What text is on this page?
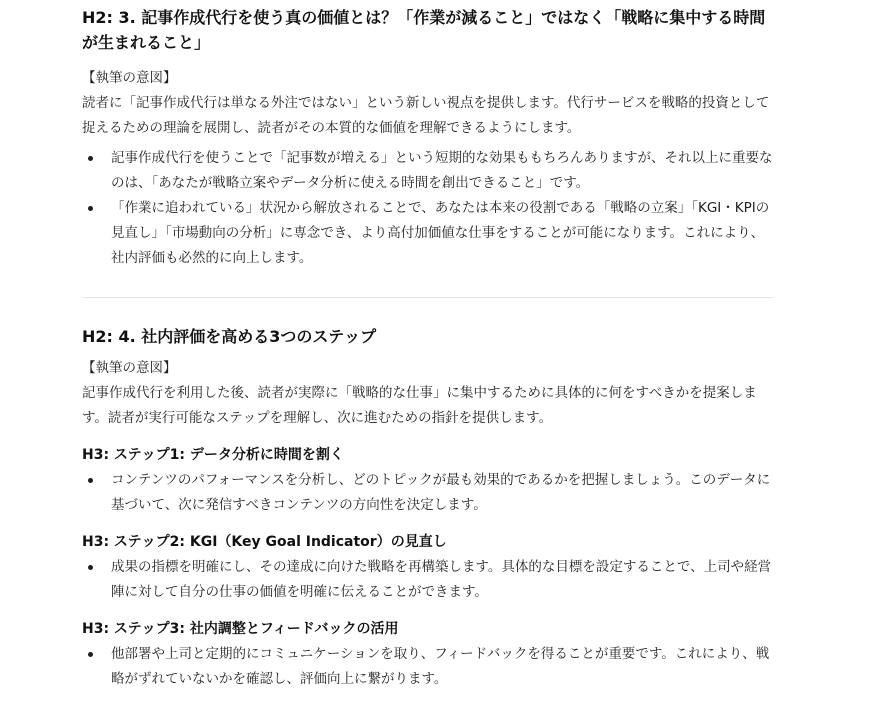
H2: 3. 記事作成代行を使う真の価値とは？「作業が減ること」ではなく「戦略に集中する時間が生まれること」

【執筆の意図】

読者に「記事作成代行は単なる外注ではない」という新しい視点を提供します。代行サービスを戦略的投資として捉えるための理論を展開し、読者がその本質的な価値を理解できるようにします。

記事作成代行を使うことで「記事数が増える」という短期的な効果ももちろんありますが、それ以上に重要なのは、「あなたが戦略立案やデータ分析に使える時間を創出できること」です。
「作業に追われている」状況から解放されることで、あなたは本来の役割である「戦略の立案」「KGI・KPIの見直し」「市場動向の分析」に専念でき、より高付加価値な仕事をすることが可能になります。これにより、社内評価も必然的に向上します。
H2: 4. 社内評価を高める3つのステップ

【執筆の意図】

記事作成代行を利用した後、読者が実際に「戦略的な仕事」に集中するために具体的に何をすべきかを提案します。読者が実行可能なステップを理解し、次に進むための指針を提供します。

H3: ステップ1: データ分析に時間を割く
コンテンツのパフォーマンスを分析し、どのトピックが最も効果的であるかを把握しましょう。このデータに基づいて、次に発信すべきコンテンツの方向性を決定します。
H3: ステップ2: KGI（Key Goal Indicator）の見直し
成果の指標を明確にし、その達成に向けた戦略を再構築します。具体的な目標を設定することで、上司や経営陣に対して自分の仕事の価値を明確に伝えることができます。
H3: ステップ3: 社内調整とフィードバックの活用
他部署や上司と定期的にコミュニケーションを取り、フィードバックを得ることが重要です。これにより、戦略がずれていないかを確認し、評価向上に繋がります。
